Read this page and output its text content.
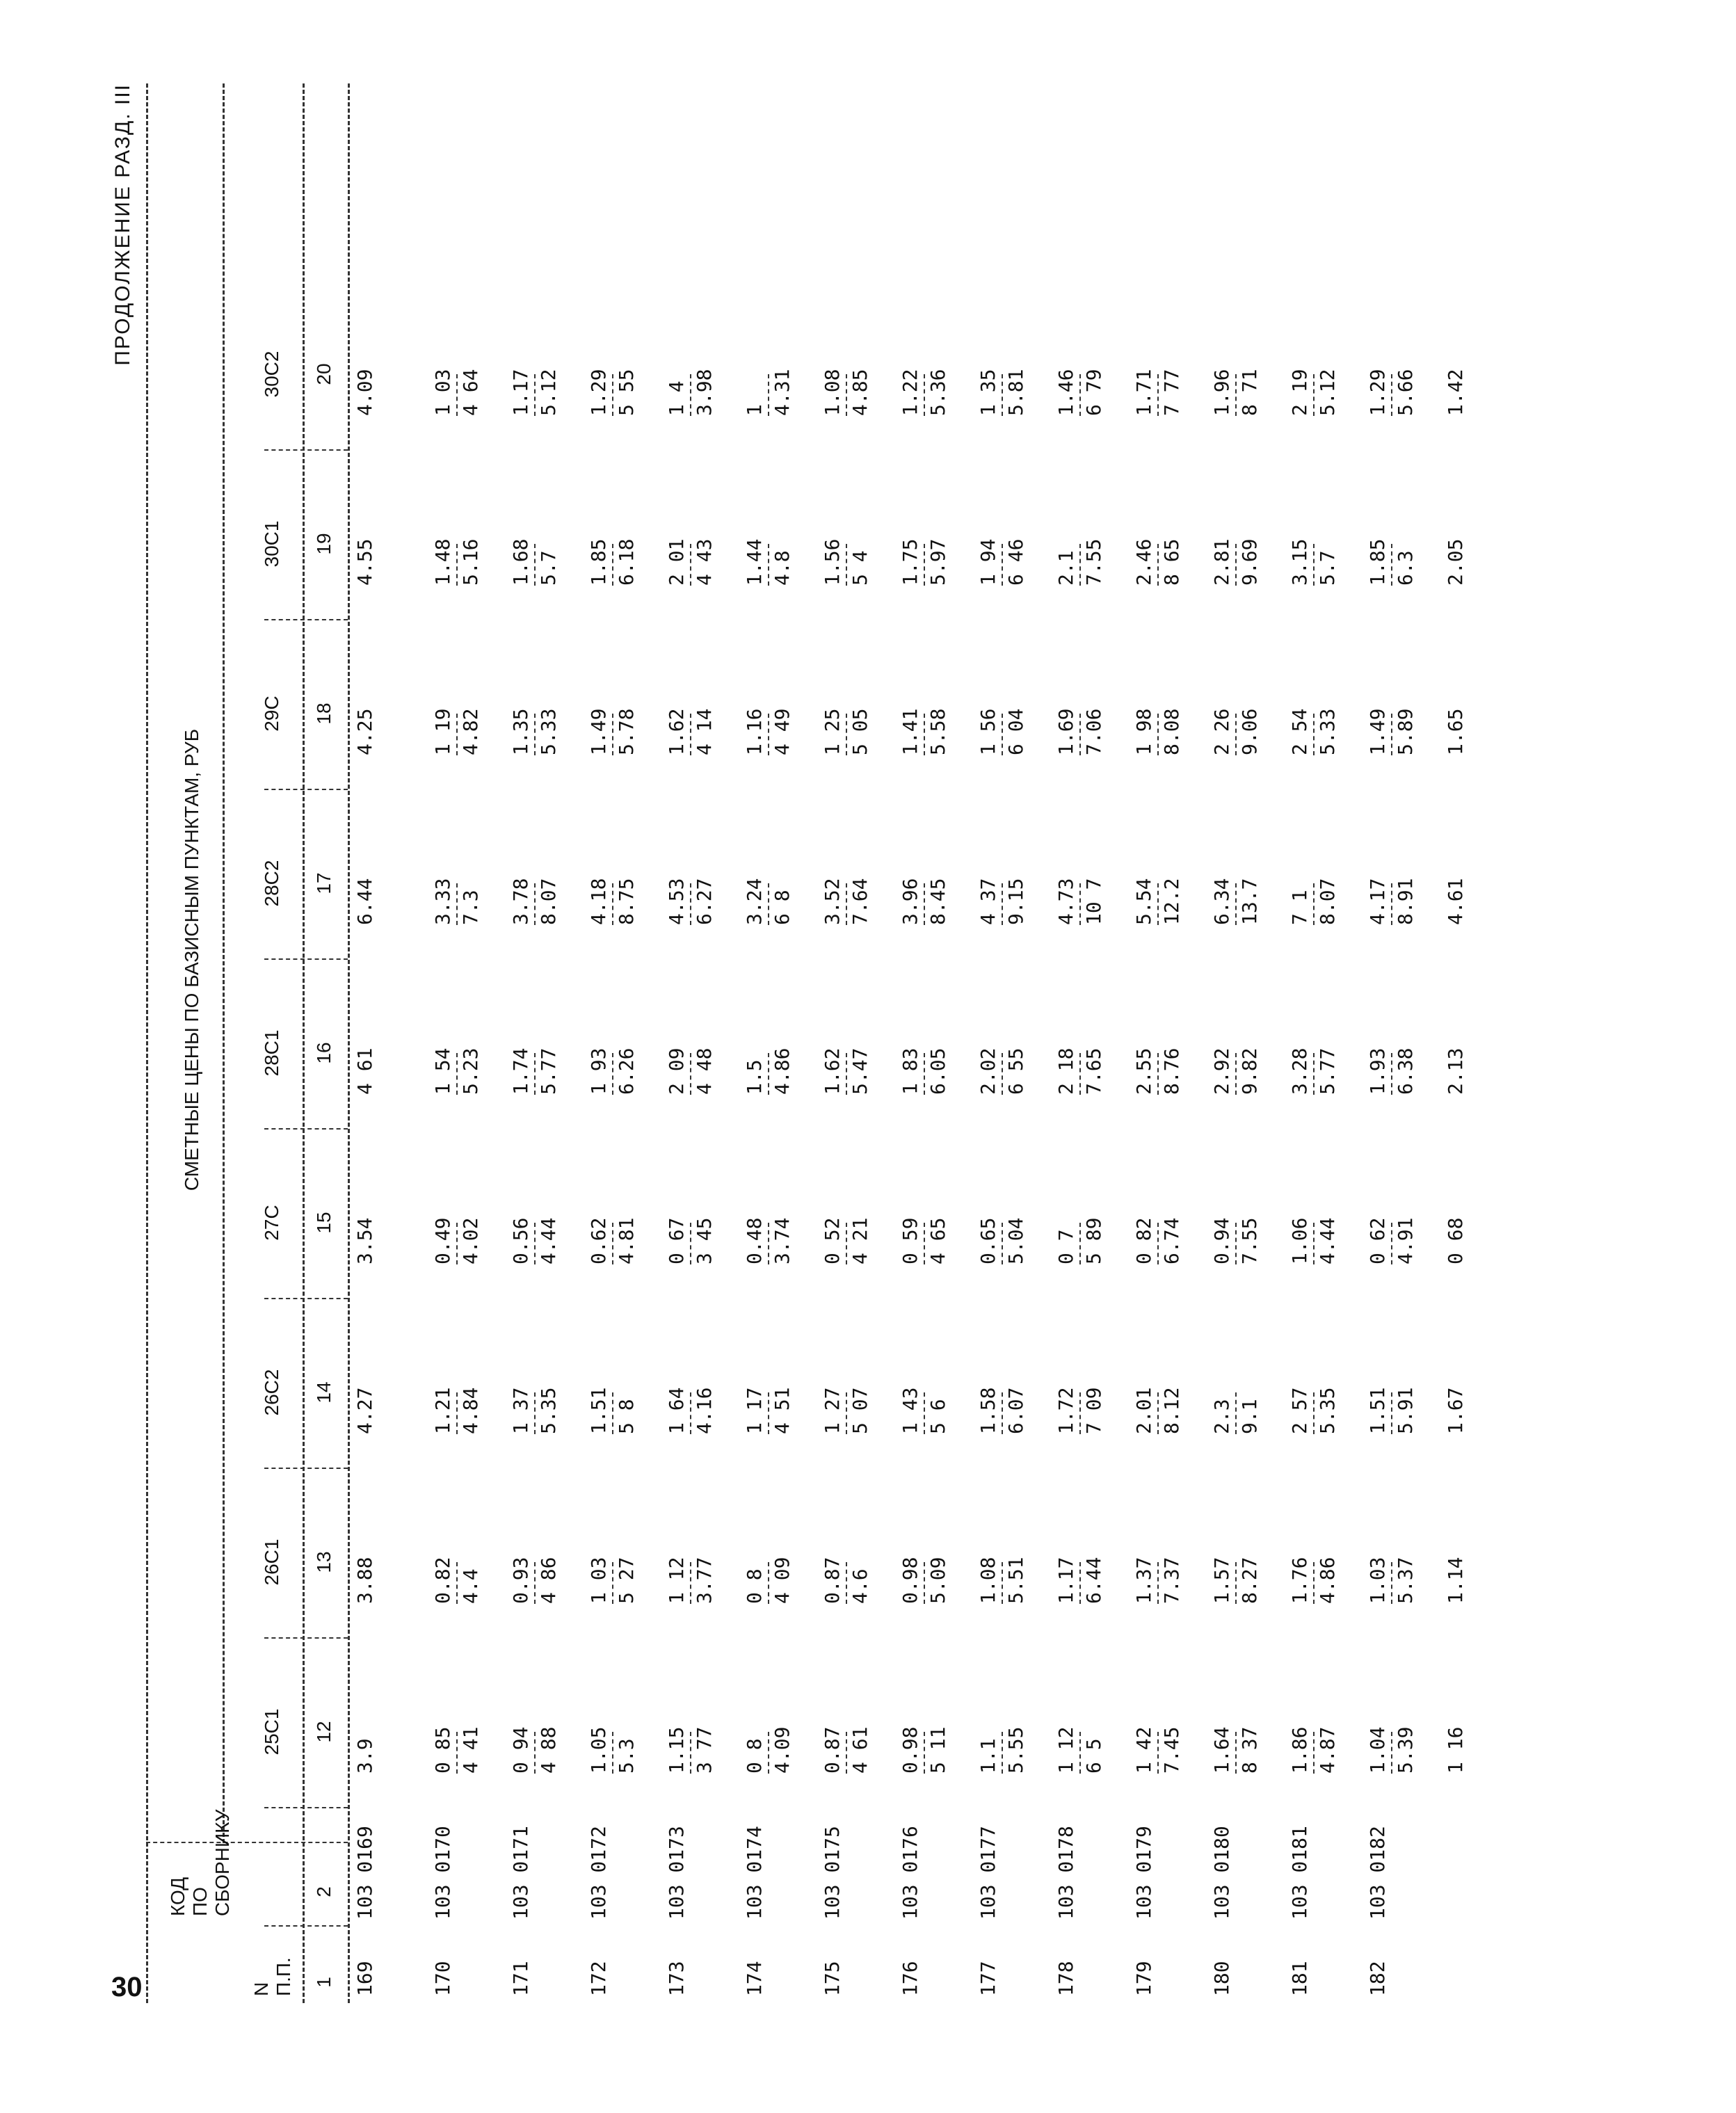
30
ПРОДОЛЖЕНИЕ РАЗД. III
N П.П.
КОД ПО СБОРНИКУ
СМЕТНЫЕ ЦЕНЫ ПО БАЗИСНЫМ ПУНКТАМ, РУБ
25С1
26С1
26С2
27С
28С1
28С2
29С
30С1
30С2
1
2
12
13
14
15
16
17
18
19
20
169
103 0169
3.9
3.88
4.27
3.54
4 61
6.44
4.25
4.55
4.09
170
103 0170
0 85 4 41
0.82 4.4
1.21 4.84
0.49 4.02
1 54 5.23
3.33 7.3
1 19 4.82
1.48 5.16
1 03 4 64
171
103 0171
0 94 4 88
0.93 4 86
1 37 5.35
0.56 4.44
1.74 5.77
3.78 8.07
1.35 5.33
1.68 5.7
1.17 5.12
172
103 0172
1.05 5.3
1 03 5 27
1.51 5 8
0.62 4.81
1 93 6.26
4.18 8.75
1.49 5.78
1.85 6.18
1.29 5 55
173
103 0173
1.15 3 77
1 12 3.77
1 64 4.16
0 67 3 45
2 09 4 48
4.53 6.27
1.62 4 14
2 01 4 43
1 4 3.98
174
103 0174
0 8 4.09
0 8 4 09
1 17 4 51
0.48 3.74
1.5 4.86
3.24 6 8
1.16 4 49
1.44 4.8
1 4.31
175
103 0175
0.87 4 61
0.87 4.6
1 27 5 07
0 52 4 21
1.62 5.47
3.52 7.64
1 25 5 05
1.56 5 4
1.08 4.85
176
103 0176
0.98 5 11
0.98 5.09
1 43 5 6
0 59 4 65
1 83 6.05
3.96 8.45
1.41 5.58
1.75 5.97
1.22 5.36
177
103 0177
1.1 5.55
1.08 5.51
1.58 6.07
0.65 5.04
2.02 6 55
4 37 9.15
1 56 6 04
1 94 6 46
1 35 5.81
178
103 0178
1 12 6 5
1.17 6.44
1.72 7 09
0 7 5 89
2 18 7.65
4.73 10 7
1.69 7.06
2.1 7.55
1.46 6 79
179
103 0179
1 42 7.45
1.37 7.37
2.01 8.12
0 82 6.74
2.55 8.76
5.54 12.2
1 98 8.08
2.46 8 65
1.71 7 77
180
103 0180
1.64 8 37
1.57 8.27
2.3 9.1
0.94 7.55
2.92 9.82
6.34 13.7
2 26 9.06
2.81 9.69
1.96 8 71
181
103 0181
1.86 4.87
1.76 4.86
2 57 5.35
1.06 4.44
3.28 5.77
7 1 8.07
2 54 5.33
3.15 5.7
2 19 5.12
182
103 0182
1.04 5.39
1.03 5.37
1.51 5.91
0 62 4.91
1.93 6.38
4.17 8.91
1.49 5.89
1.85 6.3
1.29 5.66
1 16
1.14
1.67
0 68
2.13
4.61
1.65
2.05
1.42
